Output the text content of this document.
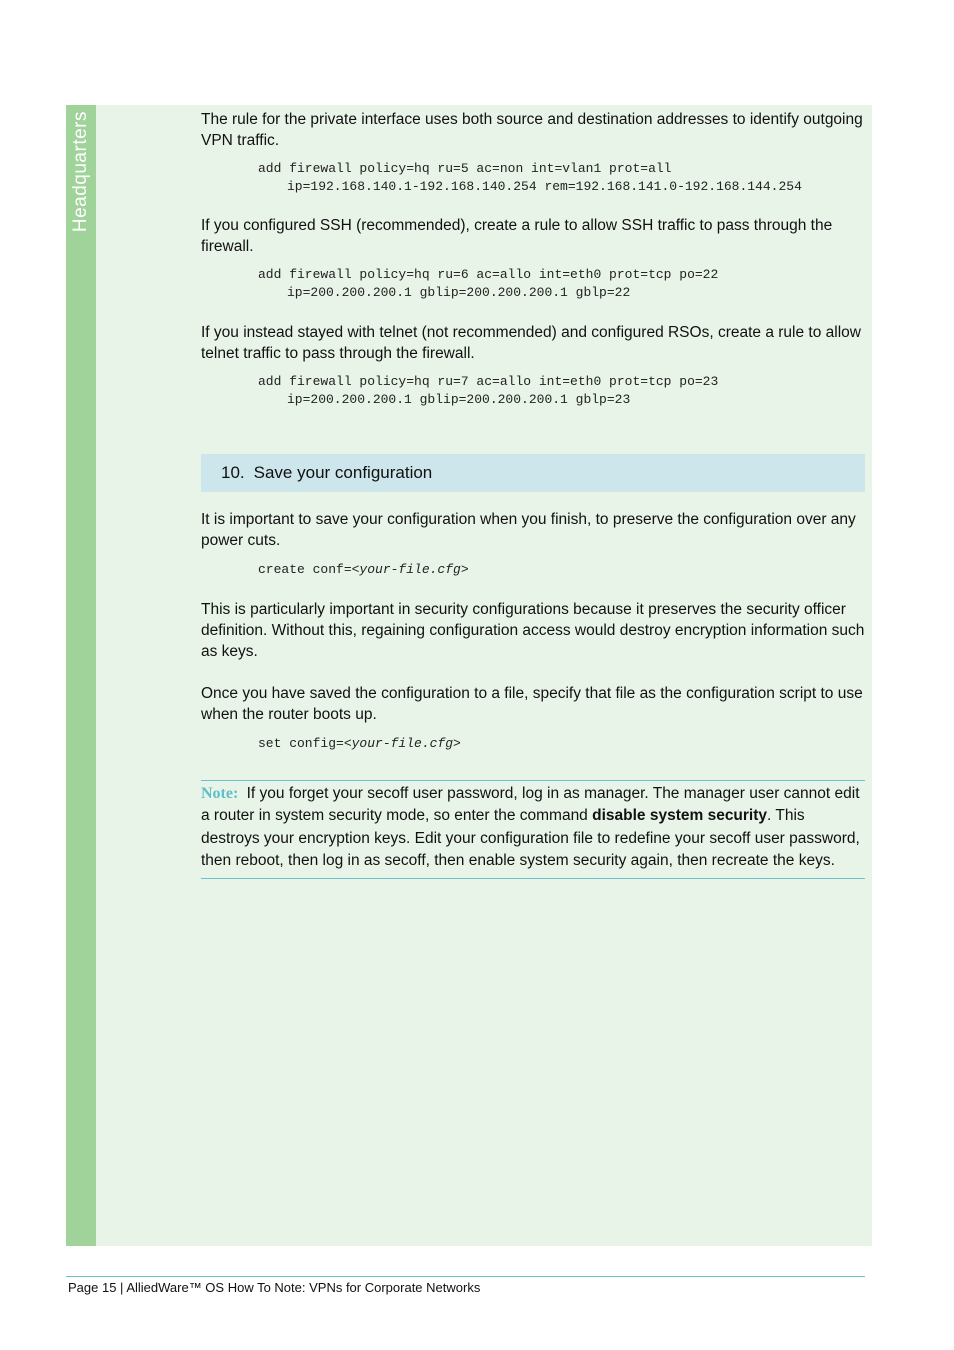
Headquarters	The rule for the private interface uses both source and destination addresses to identify outgoing VPN traffic.

add firewall policy=hq ru=5 ac=non int=vlan1 prot=all
ip=192.168.140.1-192.168.140.254 rem=192.168.141.0-192.168.144.254

If you configured SSH (recommended), create a rule to allow SSH traffic to pass through the firewall.

add firewall policy=hq ru=6 ac=allo int=eth0 prot=tcp po=22
ip=200.200.200.1 gblip=200.200.200.1 gblp=22

If you instead stayed with telnet (not recommended) and configured RSOs, create a rule to allow telnet traffic to pass through the firewall.

add firewall policy=hq ru=7 ac=allo int=eth0 prot=tcp po=23
ip=200.200.200.1 gblip=200.200.200.1 gblp=23
10. Save your configuration

It is important to save your configuration when you finish, to preserve the configuration over any power cuts.

create conf=<your-file.cfg>

This is particularly important in security configurations because it preserves the security officer definition. Without this, regaining configuration access would destroy encryption information such as keys.

Once you have saved the configuration to a file, specify that file as the configuration script to use when the router boots up.

set config=<your-file.cfg>

Note: If you forget your secoff user password, log in as manager. The manager user cannot edit a router in system security mode, so enter the command disable system security. This destroys your encryption keys. Edit your configuration file to redefine your secoff user password, then reboot, then log in as secoff, then enable system security again, then recreate the keys.

Page 15 | AlliedWare™ OS How To Note: VPNs for Corporate Networks
